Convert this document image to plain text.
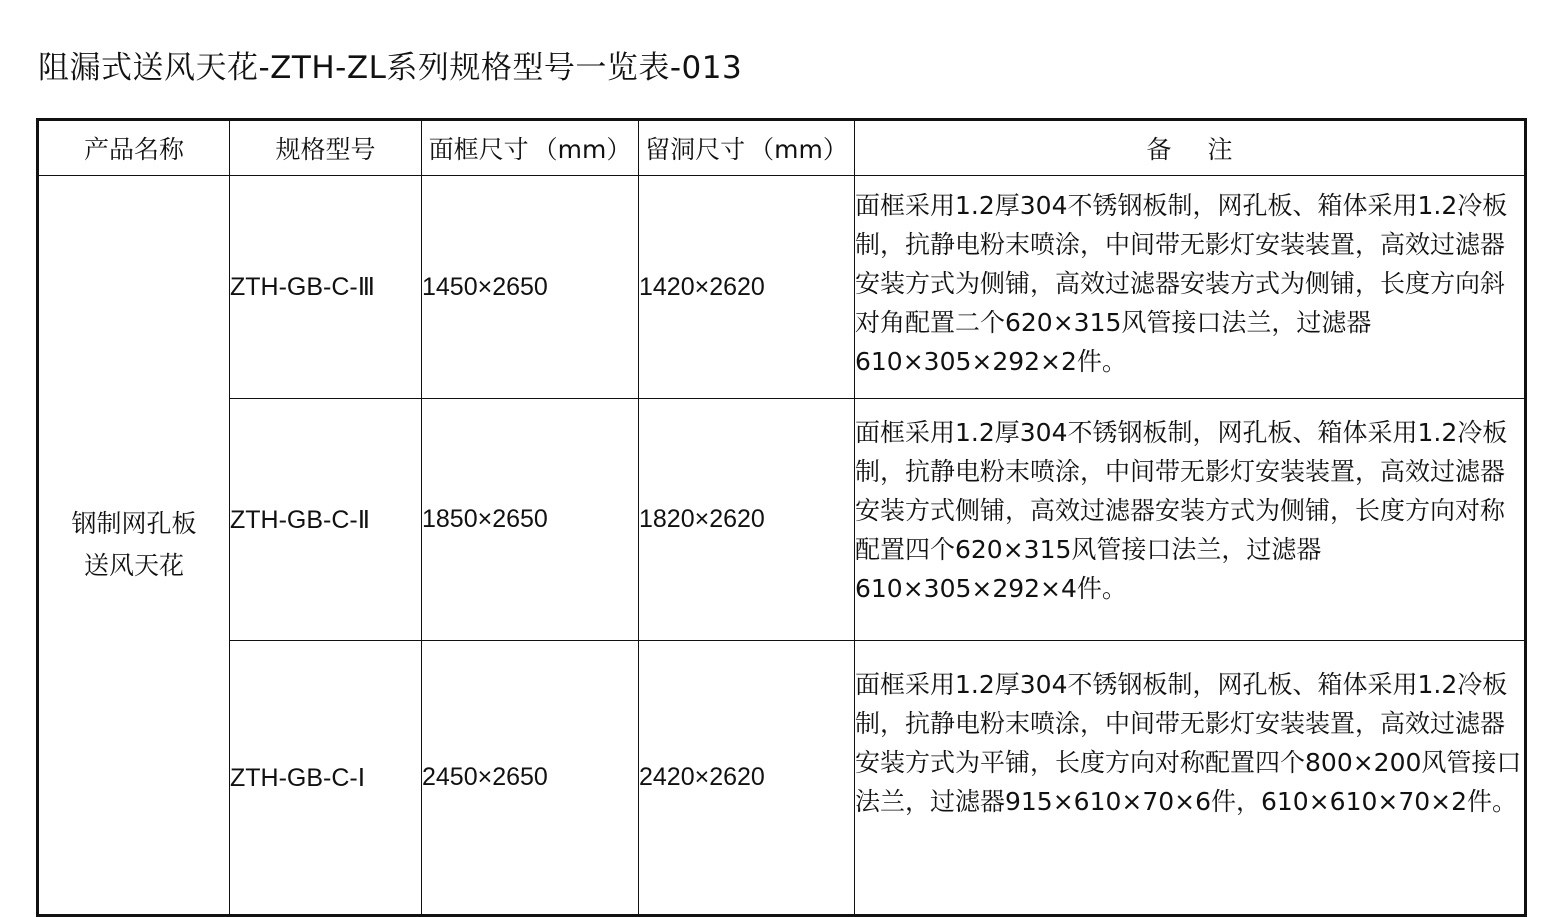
阻漏式送风天花-ZTH-ZL系列规格型号一览表-013
产品名称	规格型号	面框尺寸 （mm）	留洞尺寸 （mm）	备注

钢制网孔板
送风天花	ZTH-GB-C-Ⅲ	1450×2650	1420×2620	面框采用1.2厚304不锈钢板制，网孔板、箱体采用1.2冷板制，抗静电粉末喷涂，中间带无影灯安装装置，高效过滤器安装方式为侧铺，高效过滤器安装方式为侧铺，长度方向斜对角配置二个620×315风管接口法兰，过滤器610×305×292×2件。
	ZTH-GB-C-Ⅱ	1850×2650	1820×2620	面框采用1.2厚304不锈钢板制，网孔板、箱体采用1.2冷板制，抗静电粉末喷涂，中间带无影灯安装装置，高效过滤器安装方式侧铺，高效过滤器安装方式为侧铺，长度方向对称配置四个620×315风管接口法兰，过滤器610×305×292×4件。
	ZTH-GB-C-Ⅰ	2450×2650	2420×2620	面框采用1.2厚304不锈钢板制，网孔板、箱体采用1.2冷板制，抗静电粉末喷涂，中间带无影灯安装装置，高效过滤器安装方式为平铺，长度方向对称配置四个800×200风管接口法兰，过滤器915×610×70×6件，610×610×70×2件。
